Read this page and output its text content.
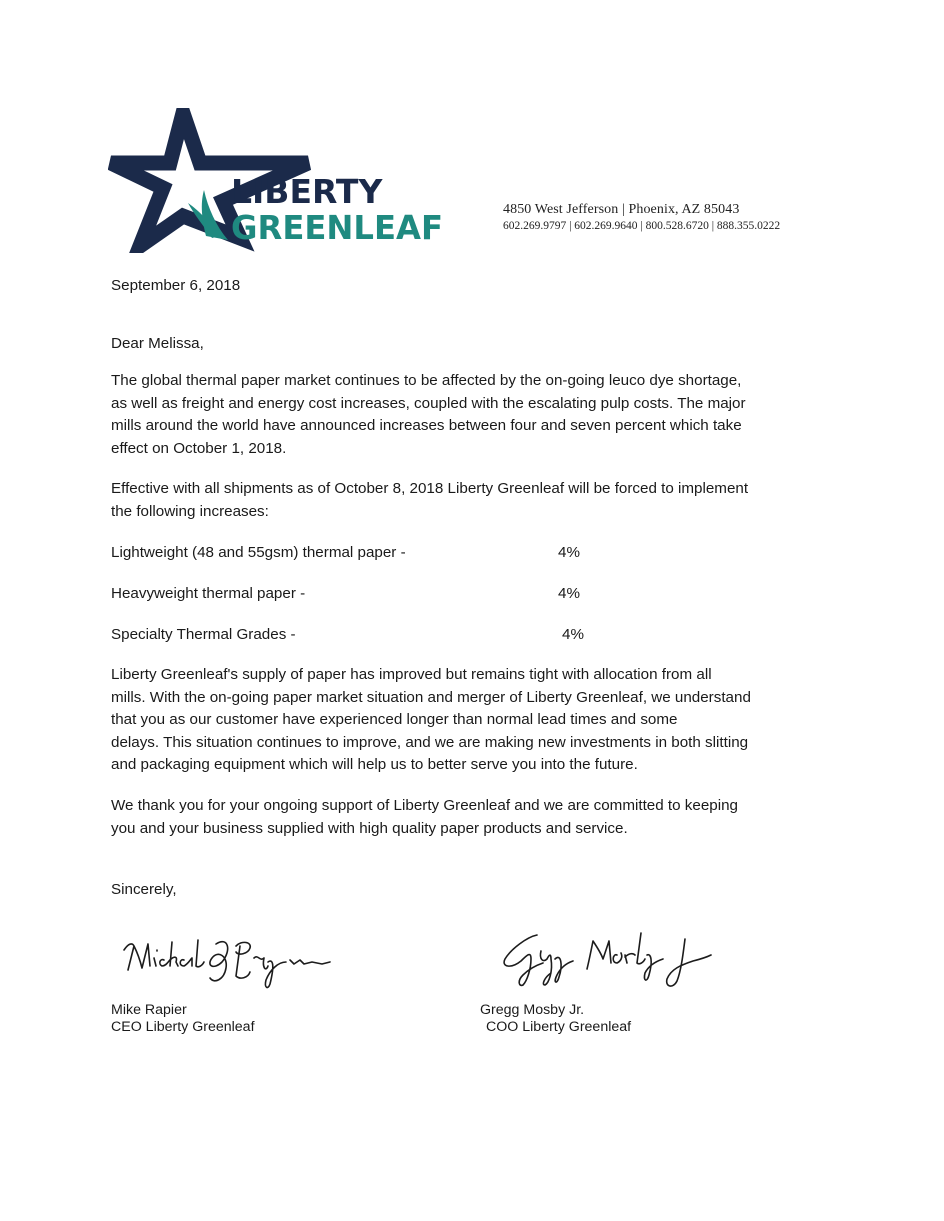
LIBERTY
GREENLEAF	4850 West Jefferson | Phoenix, AZ 85043
602.269.9797 | 602.269.9640 | 800.528.6720 | 888.355.0222
September 6, 2018
Dear Melissa,
The global thermal paper market continues to be affected by the on-going leuco dye shortage,
as well as freight and energy cost increases, coupled with the escalating pulp costs. The major
mills around the world have announced increases between four and seven percent which take
effect on October 1, 2018.
Effective with all shipments as of October 8, 2018 Liberty Greenleaf will be forced to implement
the following increases:
Lightweight (48 and 55gsm) thermal paper -	4%
Heavyweight thermal paper -	4%
Specialty Thermal Grades -	4%
Liberty Greenleaf's supply of paper has improved but remains tight with allocation from all
mills. With the on-going paper market situation and merger of Liberty Greenleaf, we understand
that you as our customer have experienced longer than normal lead times and some
delays. This situation continues to improve, and we are making new investments in both slitting
and packaging equipment which will help us to better serve you into the future.
We thank you for your ongoing support of Liberty Greenleaf and we are committed to keeping
you and your business supplied with high quality paper products and service.
Sincerely,
Mike Rapier
CEO Liberty Greenleaf
Gregg Mosby Jr.
COO Liberty Greenleaf
